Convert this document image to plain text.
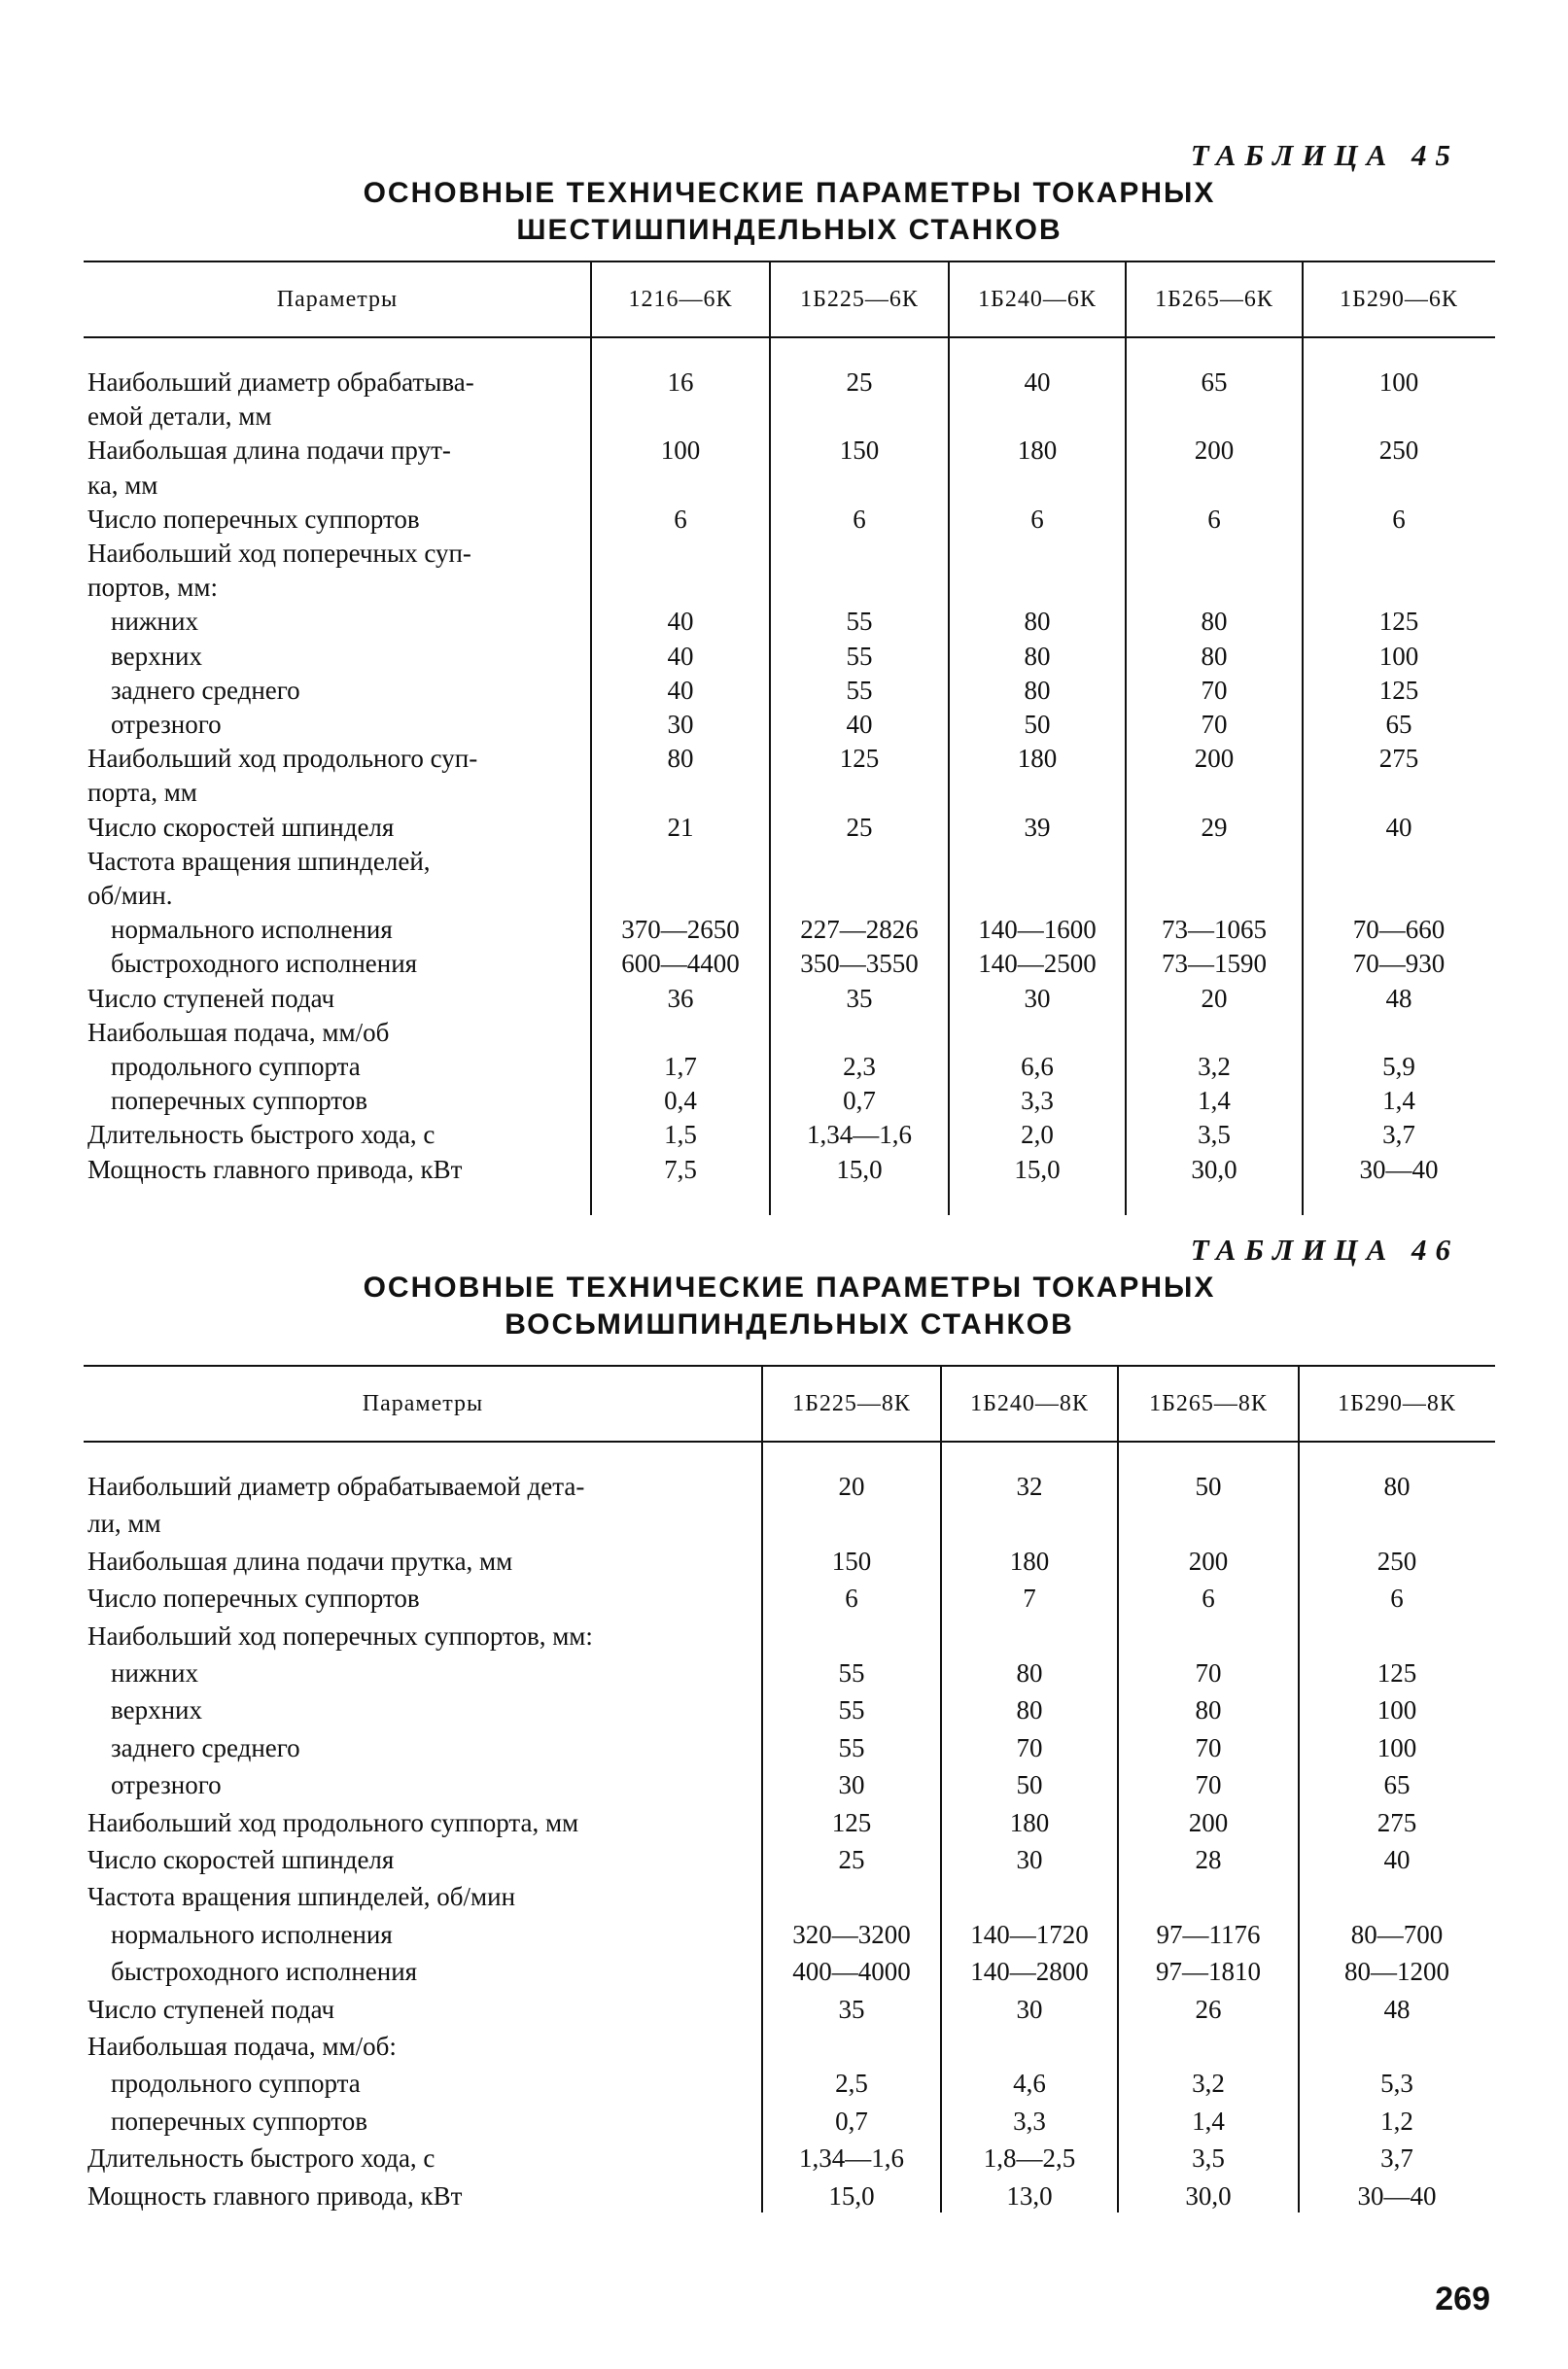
ТАБЛИЦА 45
ОСНОВНЫЕ ТЕХНИЧЕСКИЕ ПАРАМЕТРЫ ТОКАРНЫХ
ШЕСТИШПИНДЕЛЬНЫХ СТАНКОВ
Параметры	1216—6К	1Б225—6К	1Б240—6К	1Б265—6К	1Б290—6К
Наибольший диаметр обрабатыва-	16	25	40	65	100
емой детали, мм
Наибольшая длина подачи прут-	100	150	180	200	250
ка, мм
Число поперечных суппортов	6	6	6	6	6
Наибольший ход поперечных суп-
портов, мм:
нижних	40	55	80	80	125
верхних	40	55	80	80	100
заднего среднего	40	55	80	70	125
отрезного	30	40	50	70	65
Наибольший ход продольного суп-	80	125	180	200	275
порта, мм
Число скоростей шпинделя	21	25	39	29	40
Частота вращения шпинделей,
об/мин.
нормального исполнения	370—2650	227—2826	140—1600	73—1065	70—660
быстроходного исполнения	600—4400	350—3550	140—2500	73—1590	70—930
Число ступеней подач	36	35	30	20	48
Наибольшая подача, мм/об
продольного суппорта	1,7	2,3	6,6	3,2	5,9
поперечных суппортов	0,4	0,7	3,3	1,4	1,4
Длительность быстрого хода, с	1,5	1,34—1,6	2,0	3,5	3,7
Мощность главного привода, кВт	7,5	15,0	15,0	30,0	30—40
ТАБЛИЦА 46
ОСНОВНЫЕ ТЕХНИЧЕСКИЕ ПАРАМЕТРЫ ТОКАРНЫХ
ВОСЬМИШПИНДЕЛЬНЫХ СТАНКОВ
Параметры	1Б225—8К	1Б240—8К	1Б265—8К	1Б290—8К
Наибольший диаметр обрабатываемой дета-	20	32	50	80
ли, мм
Наибольшая длина подачи прутка, мм	150	180	200	250
Число поперечных суппортов	6	7	6	6
Наибольший ход поперечных суппортов, мм:
нижних	55	80	70	125
верхних	55	80	80	100
заднего среднего	55	70	70	100
отрезного	30	50	70	65
Наибольший ход продольного суппорта, мм	125	180	200	275
Число скоростей шпинделя	25	30	28	40
Частота вращения шпинделей, об/мин
нормального исполнения	320—3200	140—1720	97—1176	80—700
быстроходного исполнения	400—4000	140—2800	97—1810	80—1200
Число ступеней подач	35	30	26	48
Наибольшая подача, мм/об:
продольного суппорта	2,5	4,6	3,2	5,3
поперечных суппортов	0,7	3,3	1,4	1,2
Длительность быстрого хода, с	1,34—1,6	1,8—2,5	3,5	3,7
Мощность главного привода, кВт	15,0	13,0	30,0	30—40
269
